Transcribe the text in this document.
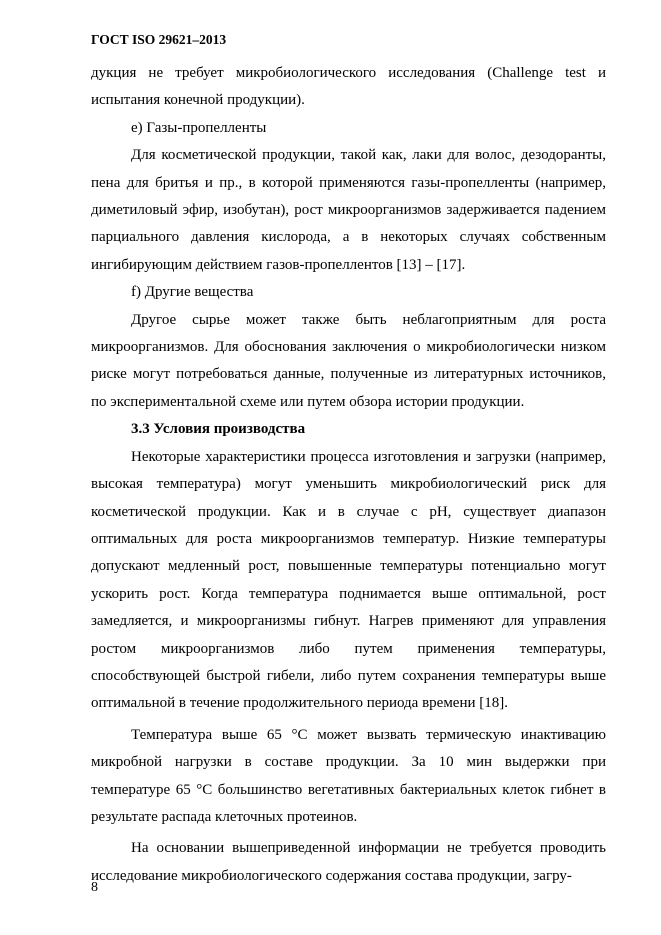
ГОСТ ISO 29621–2013

дукция не требует микробиологического исследования (Challenge test и испытания конечной продукции).

е) Газы-пропелленты

Для косметической продукции, такой как, лаки для волос, дезодоранты, пена для бритья и пр., в которой применяются газы-пропелленты (например, диметиловый эфир, изобутан), рост микроорганизмов задерживается падением парциального давления кислорода, а в некоторых случаях собственным ингибирующим действием газов-пропеллентов [13] – [17].

f) Другие вещества

Другое сырье может также быть неблагоприятным для роста микроорганизмов. Для обоснования заключения о микробиологически низком риске могут потребоваться данные, полученные из литературных источников, по экспериментальной схеме или путем обзора истории продукции.

3.3 Условия производства

Некоторые характеристики процесса изготовления и загрузки (например, высокая температура) могут уменьшить микробиологический риск для косметической продукции. Как и в случае с pH, существует диапазон оптимальных для роста микроорганизмов температур. Низкие температуры допускают медленный рост, повышенные температуры потенциально могут ускорить рост. Когда температура поднимается выше оптимальной, рост замедляется, и микроорганизмы гибнут. Нагрев применяют для управления ростом микроорганизмов либо путем применения температуры, способствующей быстрой гибели, либо путем сохранения температуры выше оптимальной в течение продолжительного периода времени [18].

Температура выше 65 °С может вызвать термическую инактивацию микробной нагрузки в составе продукции. За 10 мин выдержки при температуре 65 °С большинство вегетативных бактериальных клеток гибнет в результате распада клеточных протеинов.

На основании вышеприведенной информации не требуется проводить исследование микробиологического содержания состава продукции, загру-

8
